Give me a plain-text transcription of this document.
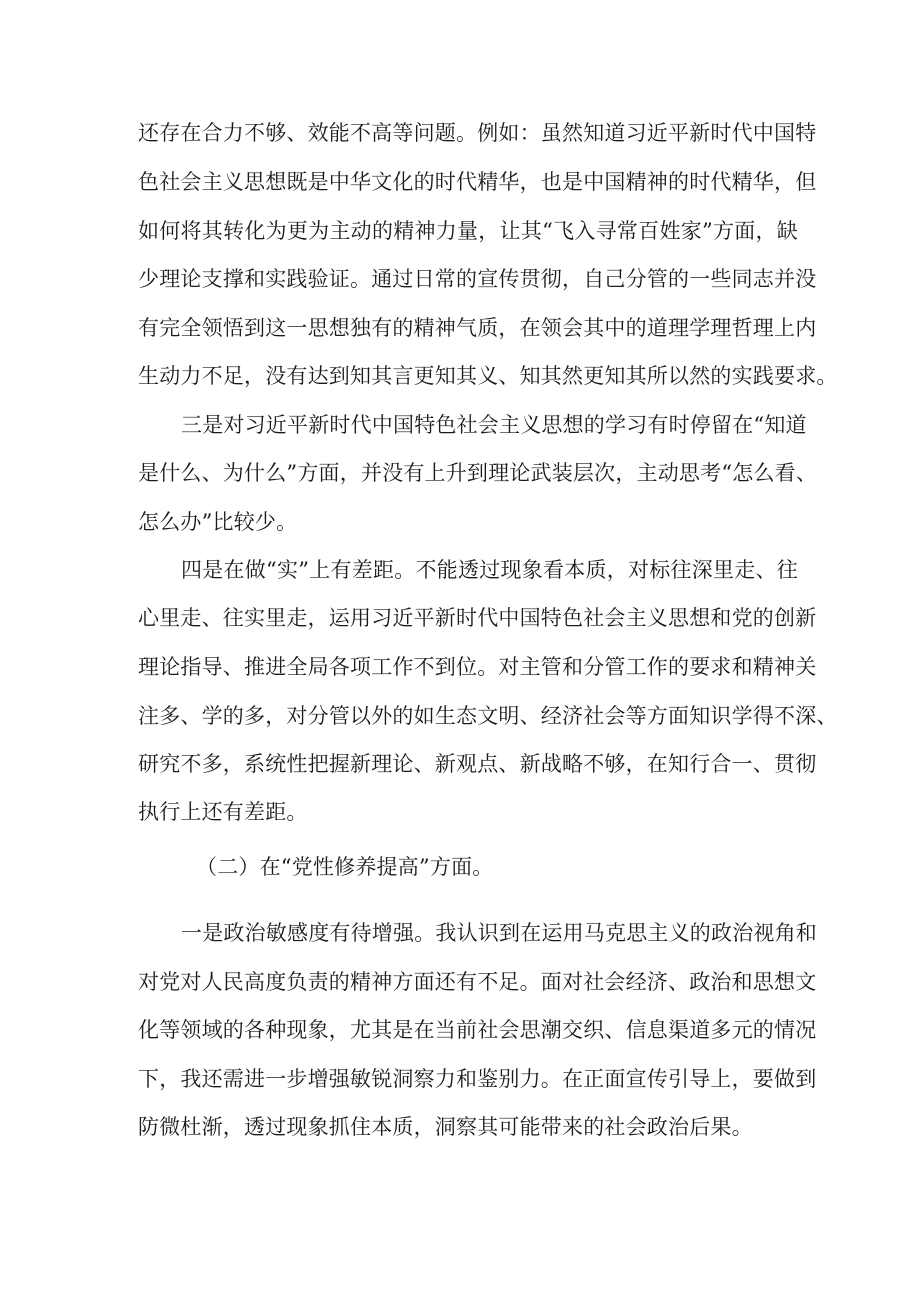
还存在合力不够、效能不高等问题。例如：虽然知道习近平新时代中国特
色社会主义思想既是中华文化的时代精华，也是中国精神的时代精华，但
如何将其转化为更为主动的精神力量，让其“飞入寻常百姓家”方面，缺
少理论支撑和实践验证。通过日常的宣传贯彻，自己分管的一些同志并没
有完全领悟到这一思想独有的精神气质，在领会其中的道理学理哲理上内
生动力不足，没有达到知其言更知其义、知其然更知其所以然的实践要求。
三是对习近平新时代中国特色社会主义思想的学习有时停留在“知道
是什么、为什么”方面，并没有上升到理论武装层次，主动思考“怎么看、
怎么办”比较少。
四是在做“实”上有差距。不能透过现象看本质，对标往深里走、往
心里走、往实里走，运用习近平新时代中国特色社会主义思想和党的创新
理论指导、推进全局各项工作不到位。对主管和分管工作的要求和精神关
注多、学的多，对分管以外的如生态文明、经济社会等方面知识学得不深、
研究不多，系统性把握新理论、新观点、新战略不够，在知行合一、贯彻
执行上还有差距。
（二）在“党性修养提高”方面。
一是政治敏感度有待增强。我认识到在运用马克思主义的政治视角和
对党对人民高度负责的精神方面还有不足。面对社会经济、政治和思想文
化等领域的各种现象，尤其是在当前社会思潮交织、信息渠道多元的情况
下，我还需进一步增强敏锐洞察力和鉴别力。在正面宣传引导上，要做到
防微杜渐，透过现象抓住本质，洞察其可能带来的社会政治后果。
